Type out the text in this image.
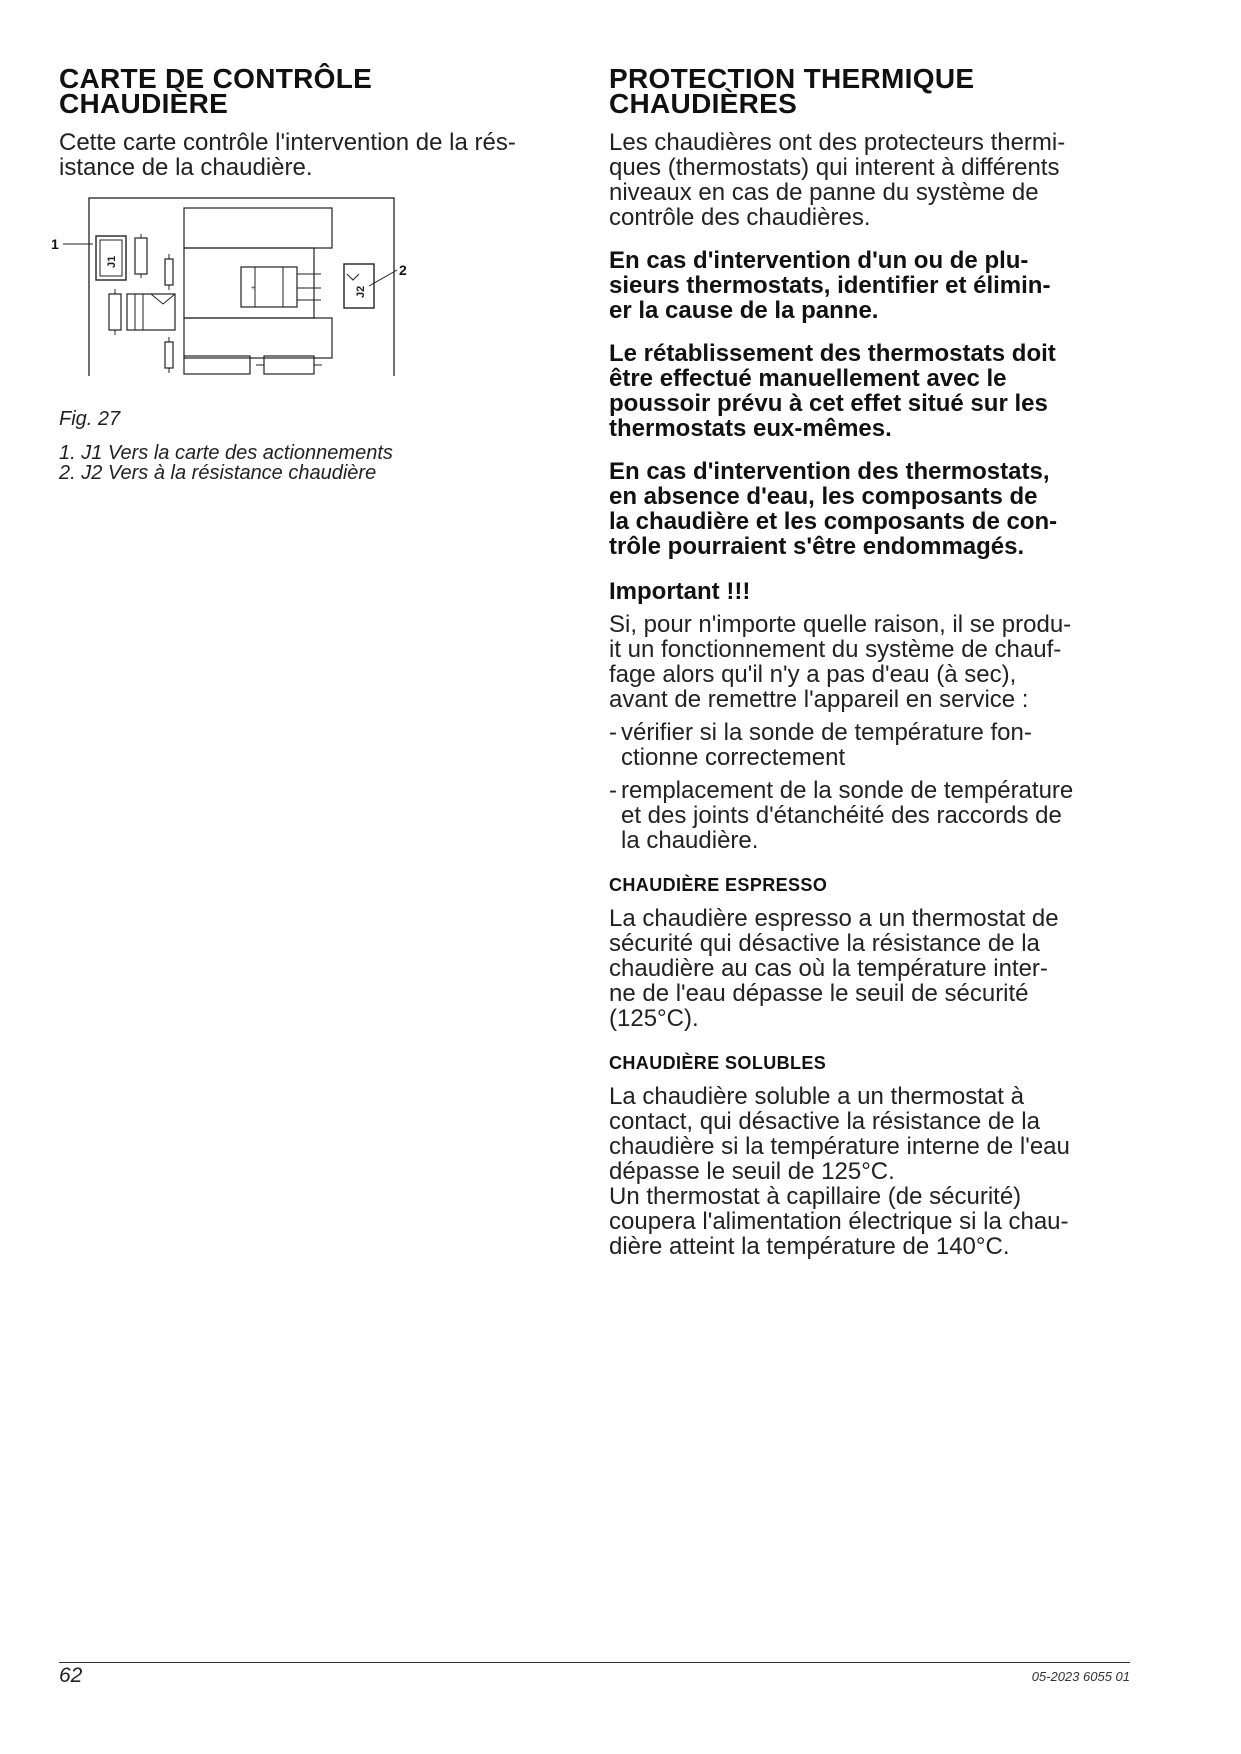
CARTE DE CONTRÔLE
CHAUDIÈRE

Cette carte contrôle l'intervention de la rés-
istance de la chaudière.

+
J1
J2
1
2
Fig. 27

1. J1 Vers la carte des actionnements

2. J2 Vers à la résistance chaudière

PROTECTION THERMIQUE
CHAUDIÈRES

Les chaudières ont des protecteurs thermi-
ques (thermostats) qui interent à différents
niveaux en cas de panne du système de
contrôle des chaudières.

En cas d'intervention d'un ou de plu-
sieurs thermostats, identifier et élimin-
er la cause de la panne.

Le rétablissement des thermostats doit
être effectué manuellement avec le
poussoir prévu à cet effet situé sur les
thermostats eux-mêmes.

En cas d'intervention des thermostats,
en absence d'eau, les composants de
la chaudière et les composants de con-
trôle pourraient s'être endommagés.

Important !!!

Si, pour n'importe quelle raison, il se produ-
it un fonctionnement du système de chauf-
fage alors qu'il n'y a pas d'eau (à sec),
avant de remettre l'appareil en service :

- vérifier si la sonde de température fon-
ctionne correctement
- remplacement de la sonde de température
et des joints d'étanchéité des raccords de
la chaudière.

CHAUDIÈRE ESPRESSO

La chaudière espresso a un thermostat de
sécurité qui désactive la résistance de la
chaudière au cas où la température inter-
ne de l'eau dépasse le seuil de sécurité
(125°C).

CHAUDIÈRE SOLUBLES

La chaudière soluble a un thermostat à
contact, qui désactive la résistance de la
chaudière si la température interne de l'eau
dépasse le seuil de 125°C.
Un thermostat à capillaire (de sécurité)
coupera l'alimentation électrique si la chau-
dière atteint la température de 140°C.

62	05-2023 6055 01
